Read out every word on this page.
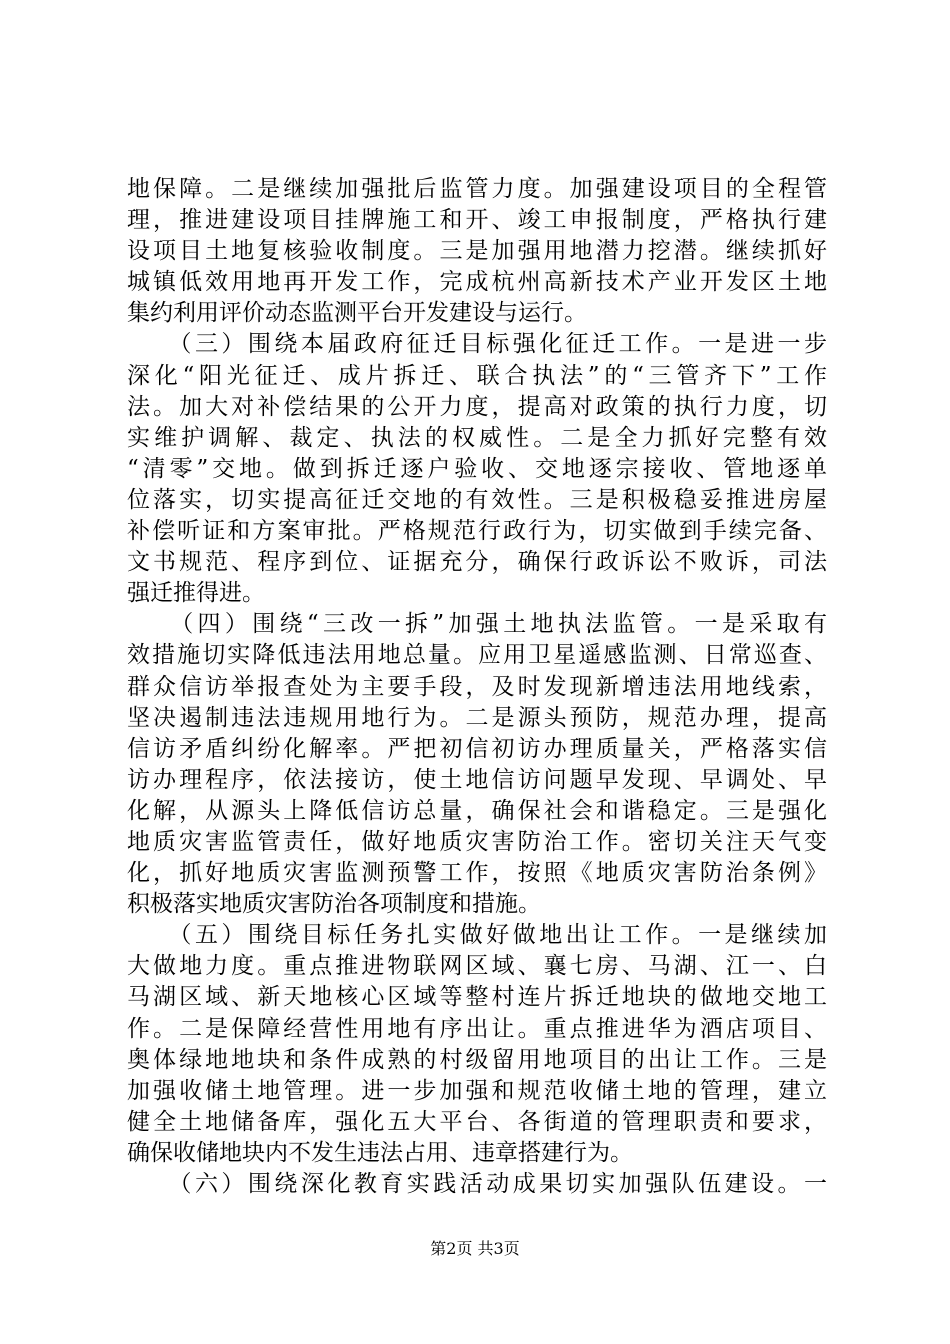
地保障。二是继续加强批后监管力度。加强建设项目的全程管
理，推进建设项目挂牌施工和开、竣工申报制度，严格执行建
设项目土地复核验收制度。三是加强用地潜力挖潜。继续抓好
城镇低效用地再开发工作，完成杭州高新技术产业开发区土地
集约利用评价动态监测平台开发建设与运行。
　　（三）围绕本届政府征迁目标强化征迁工作。一是进一步
深化“阳光征迁、成片拆迁、联合执法”的“三管齐下”工作
法。加大对补偿结果的公开力度，提高对政策的执行力度，切
实维护调解、裁定、执法的权威性。二是全力抓好完整有效
“清零”交地。做到拆迁逐户验收、交地逐宗接收、管地逐单
位落实，切实提高征迁交地的有效性。三是积极稳妥推进房屋
补偿听证和方案审批。严格规范行政行为，切实做到手续完备、
文书规范、程序到位、证据充分，确保行政诉讼不败诉，司法
强迁推得进。
　　（四）围绕“三改一拆”加强土地执法监管。一是采取有
效措施切实降低违法用地总量。应用卫星遥感监测、日常巡查、
群众信访举报查处为主要手段，及时发现新增违法用地线索，
坚决遏制违法违规用地行为。二是源头预防，规范办理，提高
信访矛盾纠纷化解率。严把初信初访办理质量关，严格落实信
访办理程序，依法接访，使土地信访问题早发现、早调处、早
化解，从源头上降低信访总量，确保社会和谐稳定。三是强化
地质灾害监管责任，做好地质灾害防治工作。密切关注天气变
化，抓好地质灾害监测预警工作，按照《地质灾害防治条例》
积极落实地质灾害防治各项制度和措施。
　　（五）围绕目标任务扎实做好做地出让工作。一是继续加
大做地力度。重点推进物联网区域、襄七房、马湖、江一、白
马湖区域、新天地核心区域等整村连片拆迁地块的做地交地工
作。二是保障经营性用地有序出让。重点推进华为酒店项目、
奥体绿地地块和条件成熟的村级留用地项目的出让工作。三是
加强收储土地管理。进一步加强和规范收储土地的管理，建立
健全土地储备库，强化五大平台、各街道的管理职责和要求，
确保收储地块内不发生违法占用、违章搭建行为。
　　（六）围绕深化教育实践活动成果切实加强队伍建设。一
第2页 共3页
